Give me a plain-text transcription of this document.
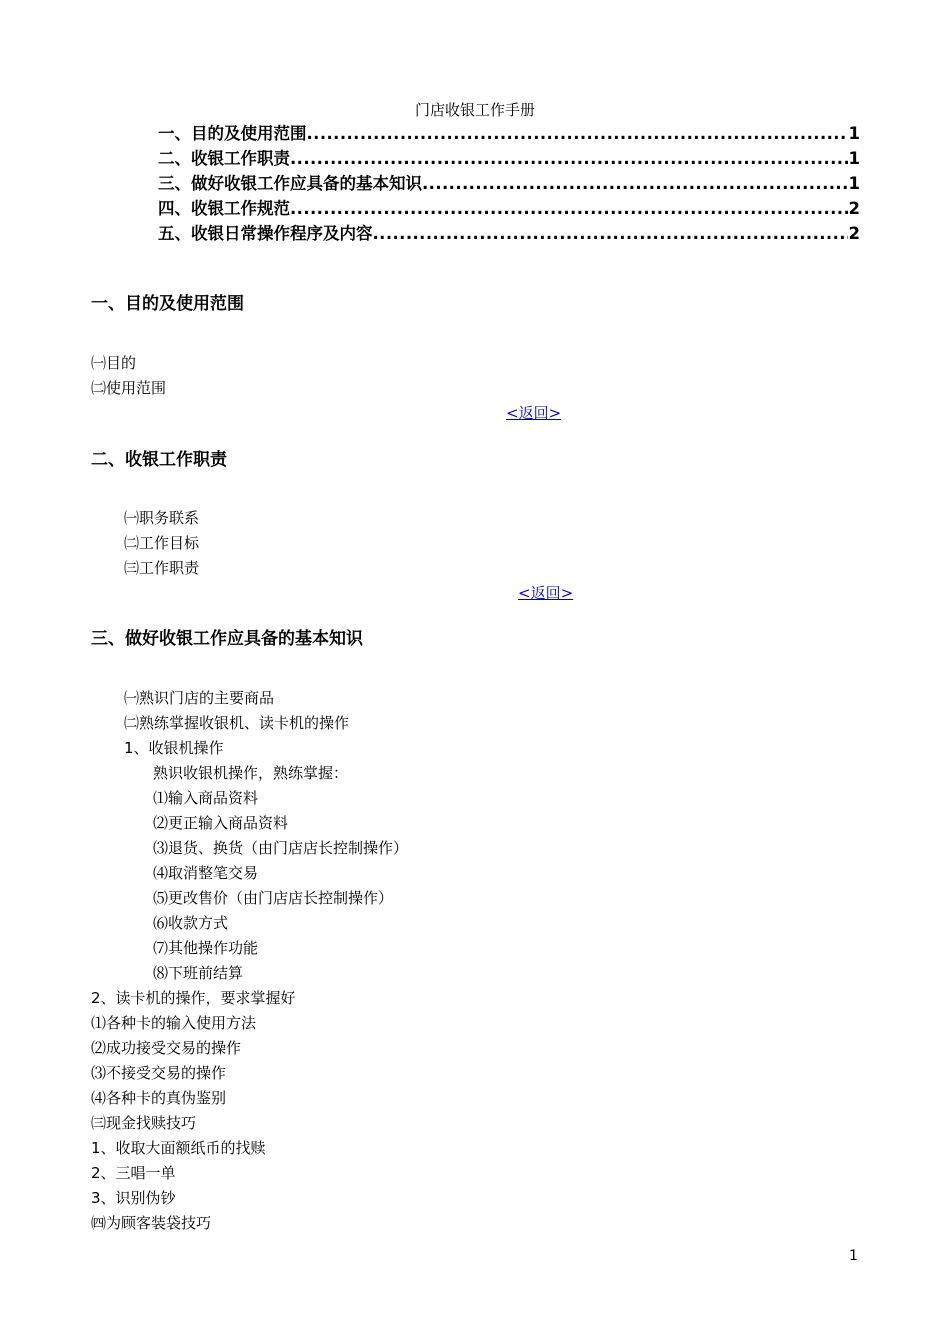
门店收银工作手册
一、目的及使用范围 .....	1
二、收银工作职责 .....	1
三、做好收银工作应具备的基本知识 .....	1
四、收银工作规范 .....	2
五、收银日常操作程序及内容 .....	2
一、目的及使用范围
㈠目的
㈡使用范围
<返回>
二、收银工作职责
㈠职务联系
㈡工作目标
㈢工作职责
<返回>
三、做好收银工作应具备的基本知识
㈠熟识门店的主要商品
㈡熟练掌握收银机、读卡机的操作
1、收银机操作
熟识收银机操作，熟练掌握：
⑴输入商品资料
⑵更正输入商品资料
⑶退货、换货（由门店店长控制操作）
⑷取消整笔交易
⑸更改售价（由门店店长控制操作）
⑹收款方式
⑺其他操作功能
⑻下班前结算
2、读卡机的操作，要求掌握好
⑴各种卡的输入使用方法
⑵成功接受交易的操作
⑶不接受交易的操作
⑷各种卡的真伪鉴别
㈢现金找赎技巧
1、收取大面额纸币的找赎
2、三唱一单
3、识别伪钞
㈣为顾客装袋技巧
1
